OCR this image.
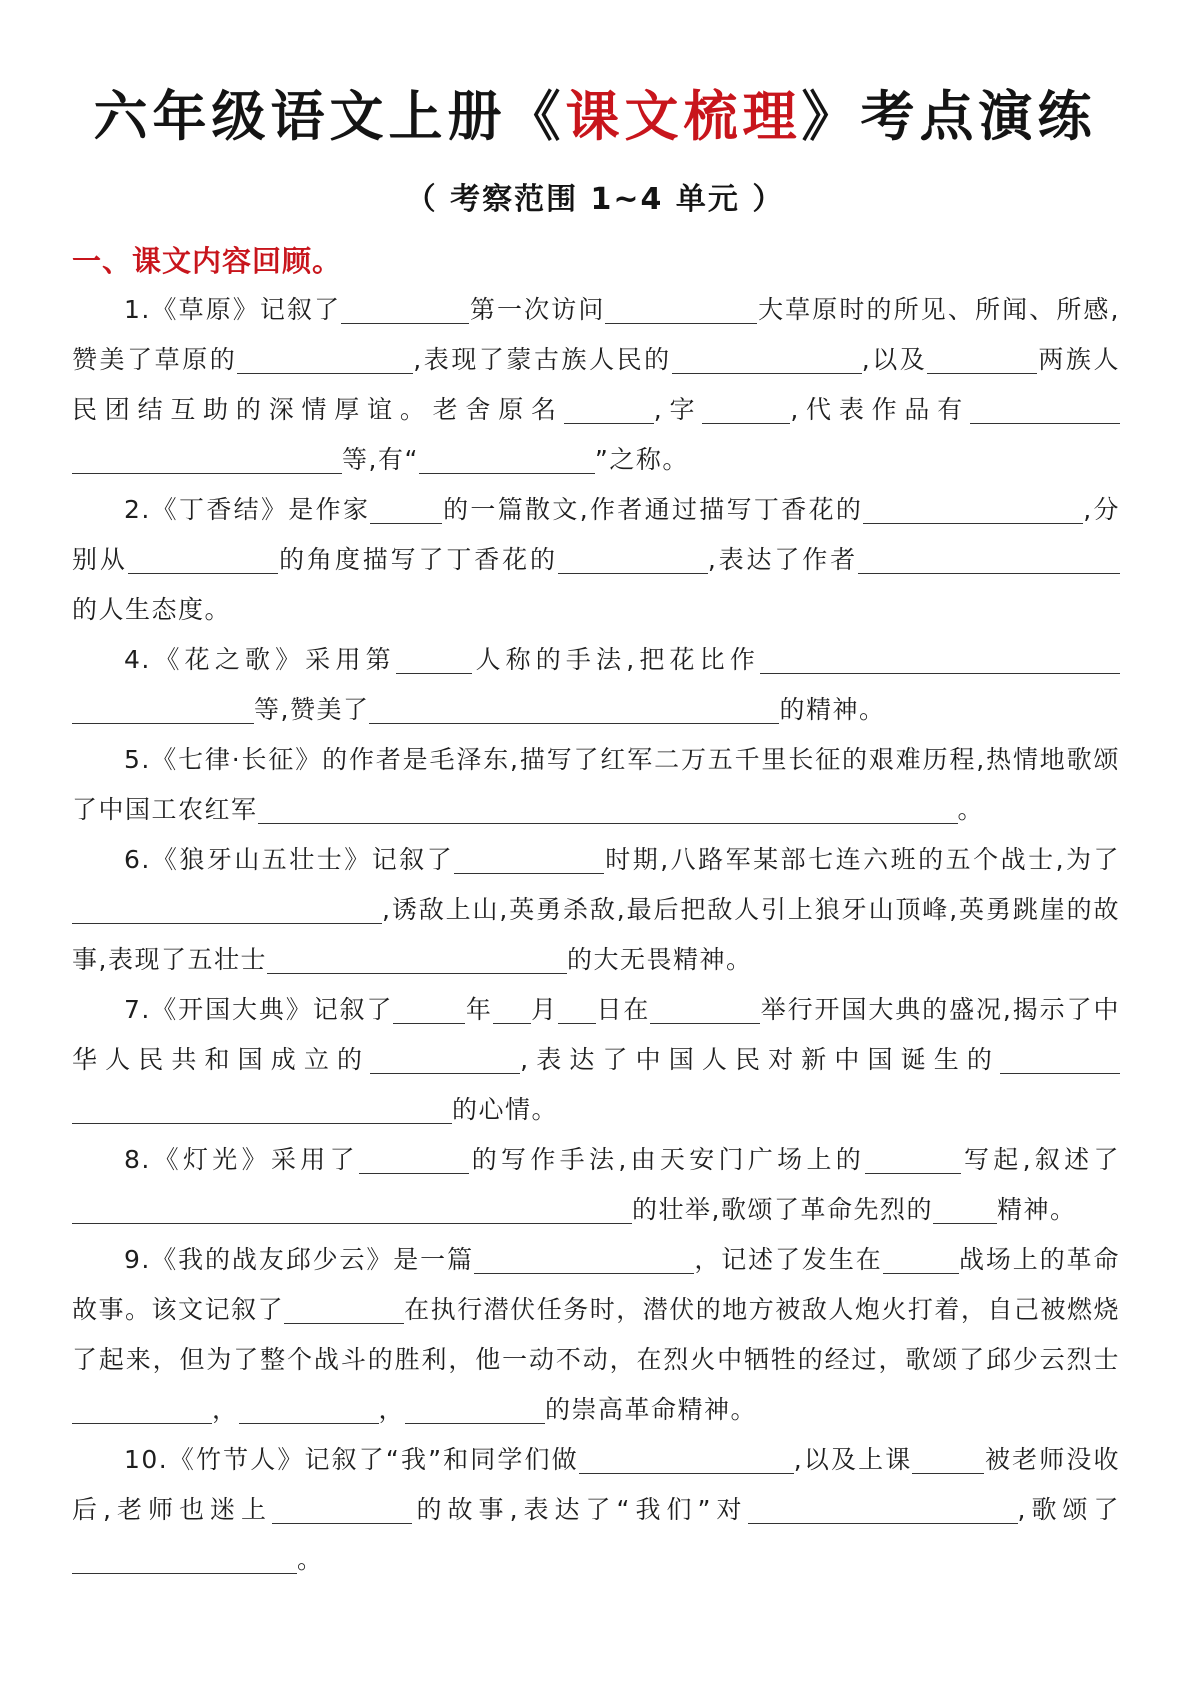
六年级语文上册《课文梳理》考点演练
（ 考察范围 1~4 单元 ）
一、课文内容回顾。

1.《草原》记叙了	第一次访问	大草原时的所见、所闻、所感,赞美了草原的	,表现了蒙古族人民的	,以及	两族人民团结互助的深情厚谊。老舍原名	,字	,代表作品有等,有“	”之称。

2.《丁香结》是作家	的一篇散文,作者通过描写丁香花的	,分别从	的角度描写了丁香花的	,表达了作者的人生态度。

4.《花之歌》采用第	人称的手法,把花比作等,赞美了	的精神。

5.《七律·长征》的作者是毛泽东,描写了红军二万五千里长征的艰难历程,热情地歌颂了中国工农红军	。

6.《狼牙山五壮士》记叙了	时期,八路军某部七连六班的五个战士,为了,诱敌上山,英勇杀敌,最后把敌人引上狼牙山顶峰,英勇跳崖的故事,表现了五壮士	的大无畏精神。

7.《开国大典》记叙了	年 月 日在	举行开国大典的盛况,揭示了中华人民共和国成立的	,表达了中国人民对新中国诞生的的心情。

8.《灯光》采用了	的写作手法,由天安门广场上的	写起,叙述了的壮举,歌颂了革命先烈的	精神。

9.《我的战友邱少云》是一篇	，记述了发生在	战场上的革命故事。该文记叙了	在执行潜伏任务时，潜伏的地方被敌人炮火打着，自己被燃烧了起来，但为了整个战斗的胜利，他一动不动，在烈火中牺牲的经过，歌颂了邱少云烈士，	，	的崇高革命精神。

10.《竹节人》记叙了“我”和同学们做	,以及上课	被老师没收后,老师也迷上	的故事,表达了“我们”对	,歌颂了。
